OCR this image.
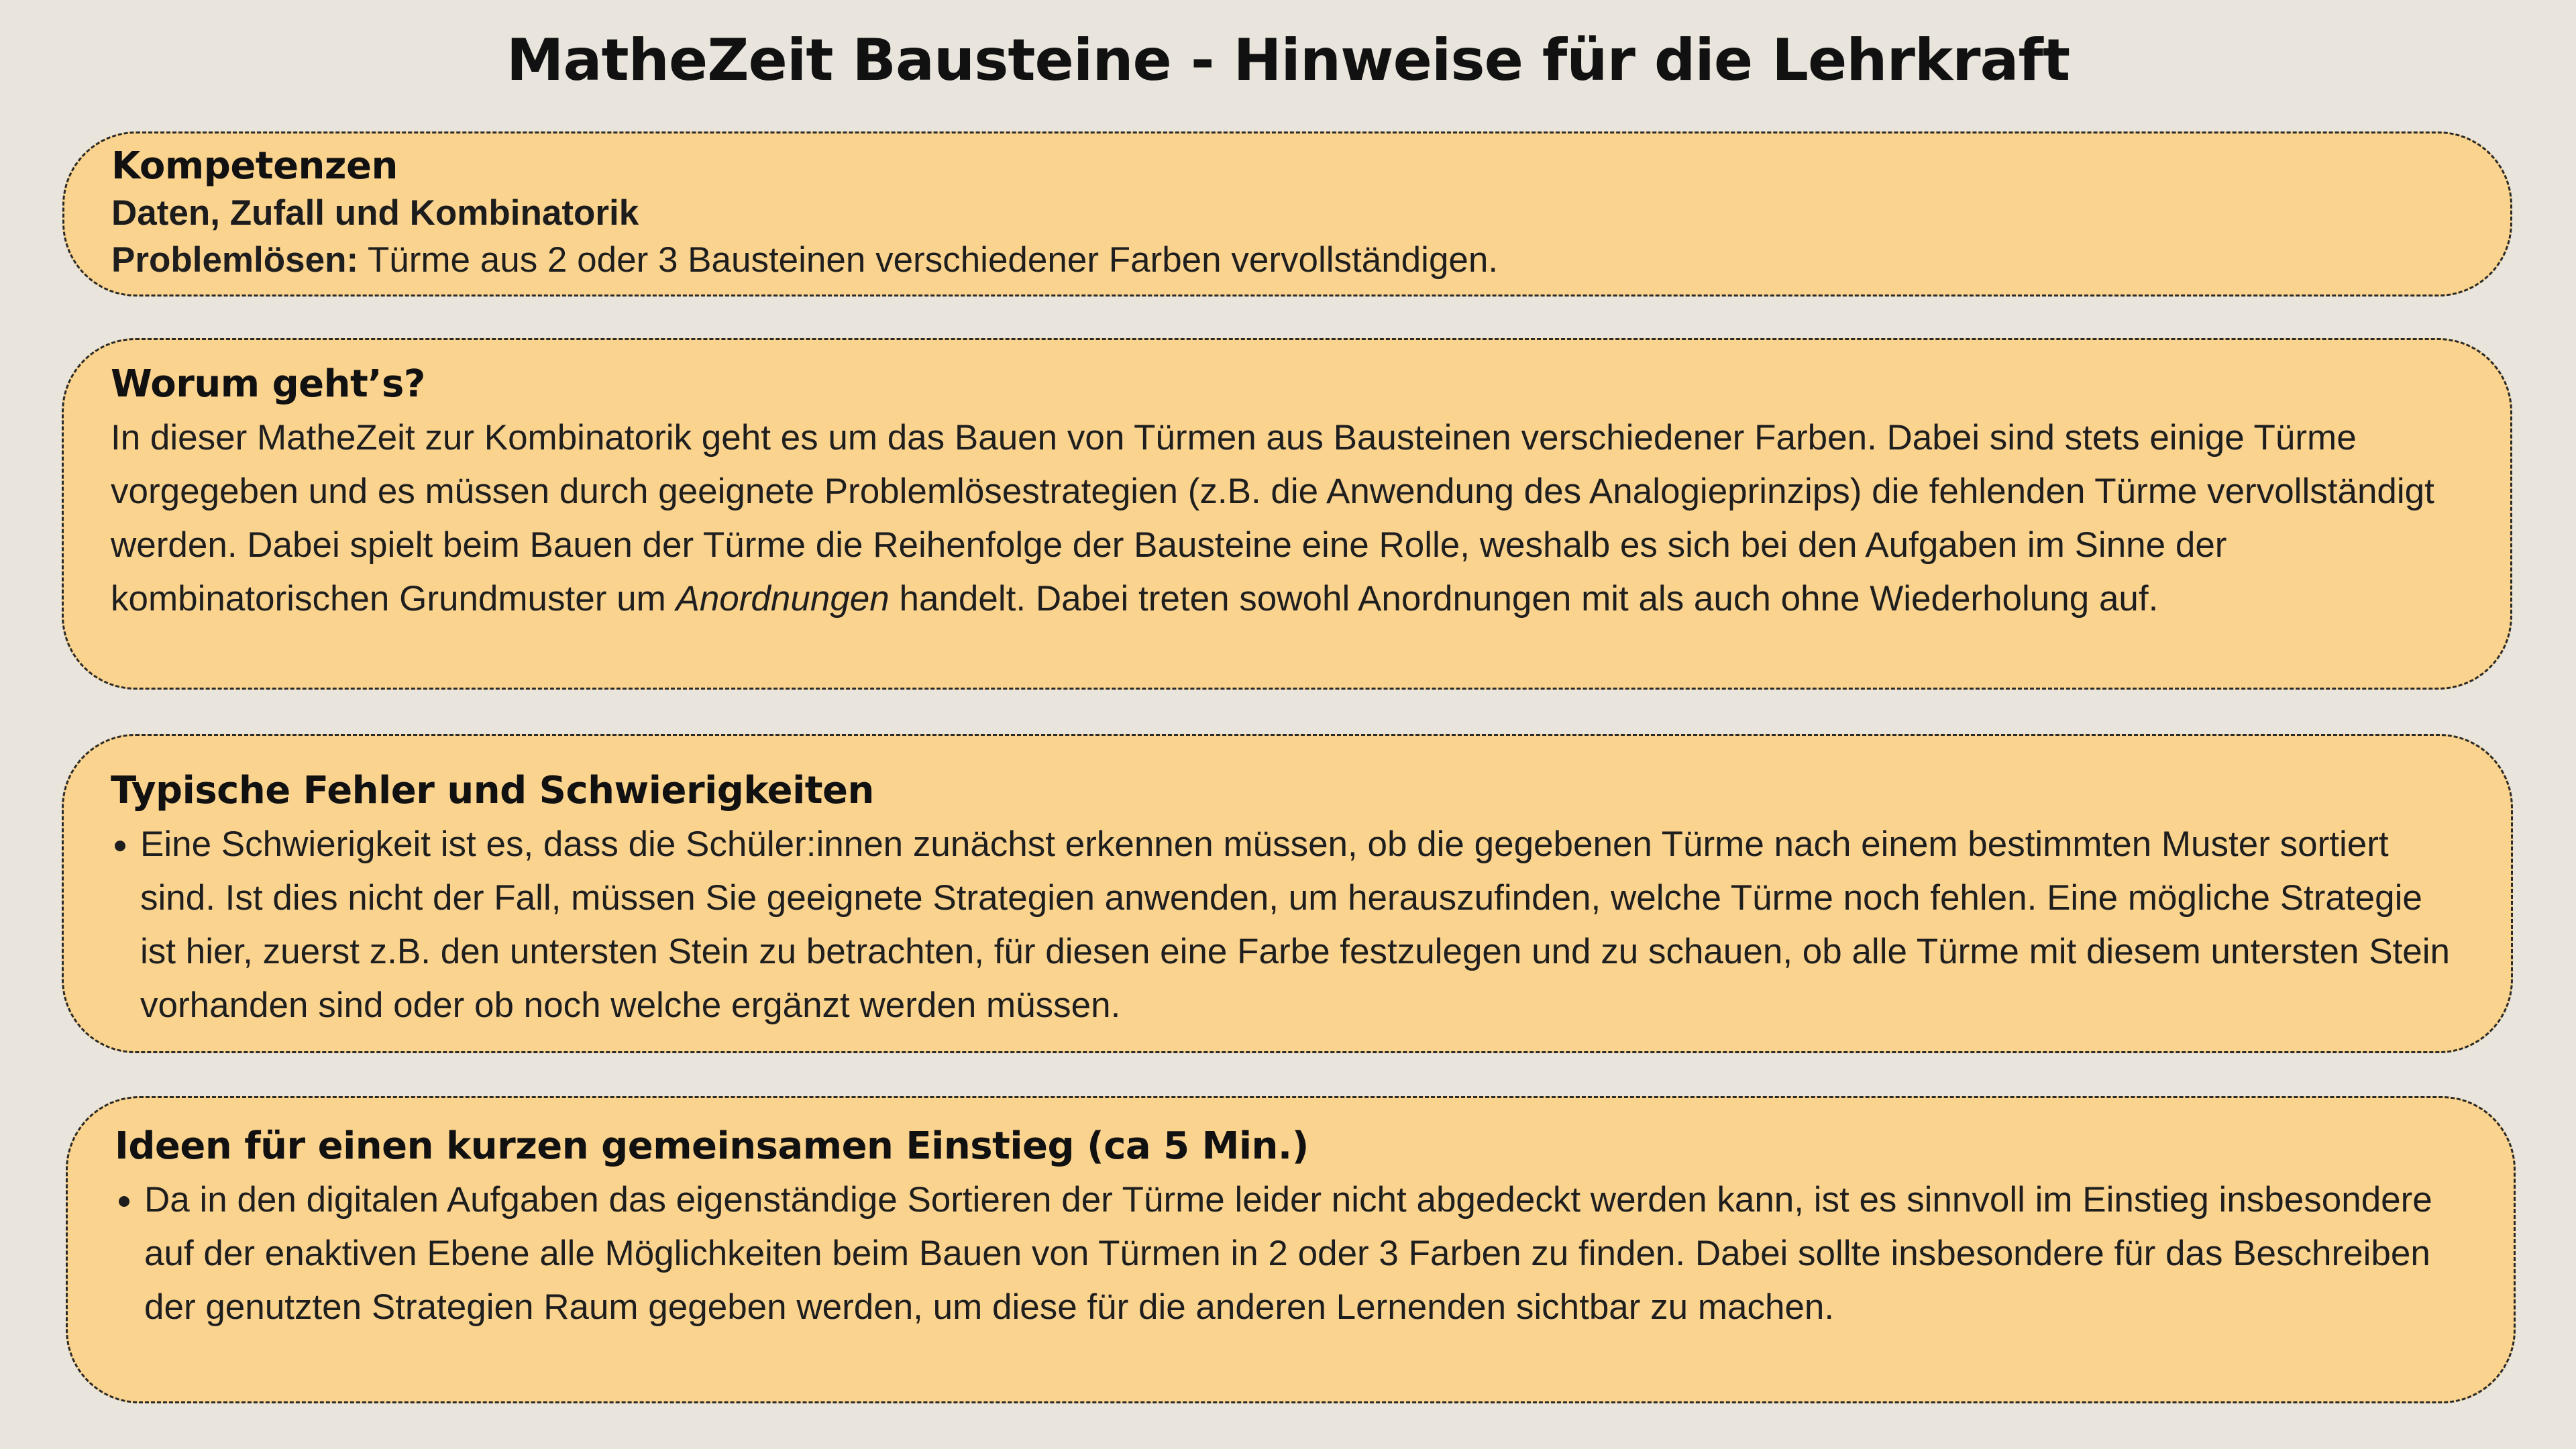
MatheZeit Bausteine - Hinweise für die Lehrkraft
Kompetenzen
Daten, Zufall und Kombinatorik
Problemlösen: Türme aus 2 oder 3 Bausteinen verschiedener Farben vervollständigen.
Worum geht’s?

In dieser MatheZeit zur Kombinatorik geht es um das Bauen von Türmen aus Bausteinen verschiedener Farben. Dabei sind stets einige Türme vorgegeben und es müssen durch geeignete Problemlösestrategien (z.B. die Anwendung des Analogieprinzips) die fehlenden Türme vervollständigt werden. Dabei spielt beim Bauen der Türme die Reihenfolge der Bausteine eine Rolle, weshalb es sich bei den Aufgaben im Sinne der kombinatorischen Grundmuster um Anordnungen handelt. Dabei treten sowohl Anordnungen mit als auch ohne Wiederholung auf.

Typische Fehler und Schwierigkeiten
• Eine Schwierigkeit ist es, dass die Schüler:innen zunächst erkennen müssen, ob die gegebenen Türme nach einem bestimmten Muster sortiert sind. Ist dies nicht der Fall, müssen Sie geeignete Strategien anwenden, um herauszufinden, welche Türme noch fehlen. Eine mögliche Strategie ist hier, zuerst z.B. den untersten Stein zu betrachten, für diesen eine Farbe festzulegen und zu schauen, ob alle Türme mit diesem untersten Stein vorhanden sind oder ob noch welche ergänzt werden müssen.
Ideen für einen kurzen gemeinsamen Einstieg (ca 5 Min.)
• Da in den digitalen Aufgaben das eigenständige Sortieren der Türme leider nicht abgedeckt werden kann, ist es sinnvoll im Einstieg insbesondere auf der enaktiven Ebene alle Möglichkeiten beim Bauen von Türmen in 2 oder 3 Farben zu finden. Dabei sollte insbesondere für das Beschreiben der genutzten Strategien Raum gegeben werden, um diese für die anderen Lernenden sichtbar zu machen.
